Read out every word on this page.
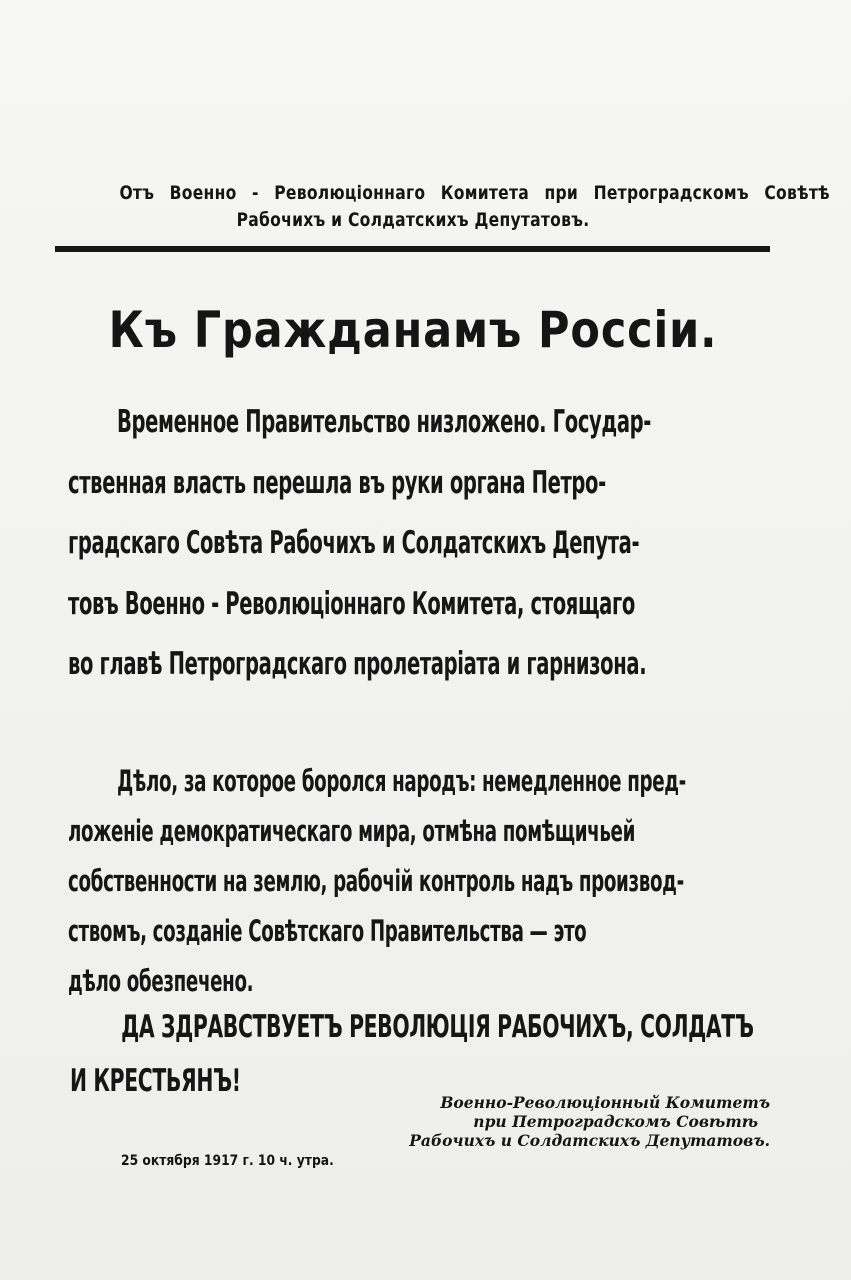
Отъ Военно - Революціоннаго Комитета при Петроградскомъ Совѣтѣ
Рабочихъ и Солдатскихъ Депутатовъ.
Къ Гражданамъ Россіи.
Временное Правительство низложено. Государ-
ственная власть перешла въ руки органа Петро-
градскаго Совѣта Рабочихъ и Солдатскихъ Депута-
товъ Военно - Революціоннаго Комитета, стоящаго
во главѣ Петроградскаго пролетаріата и гарнизона.
Дѣло, за которое боролся народъ: немедленное пред-
ложеніе демократическаго мира, отмѣна помѣщичьей
собственности на землю, рабочій контроль надъ производ-
ствомъ, созданіе Совѣтскаго Правительства — это
дѣло обезпечено.
ДА ЗДРАВСТВУЕТЪ РЕВОЛЮЦІЯ РАБОЧИХЪ, СОЛДАТЪ
И КРЕСТЬЯНЪ!
Военно-Революціонный Комитетъ
при Петроградскомъ Совѣтѣ
Рабочихъ и Солдатскихъ Депутатовъ.
25 октября 1917 г. 10 ч. утра.
